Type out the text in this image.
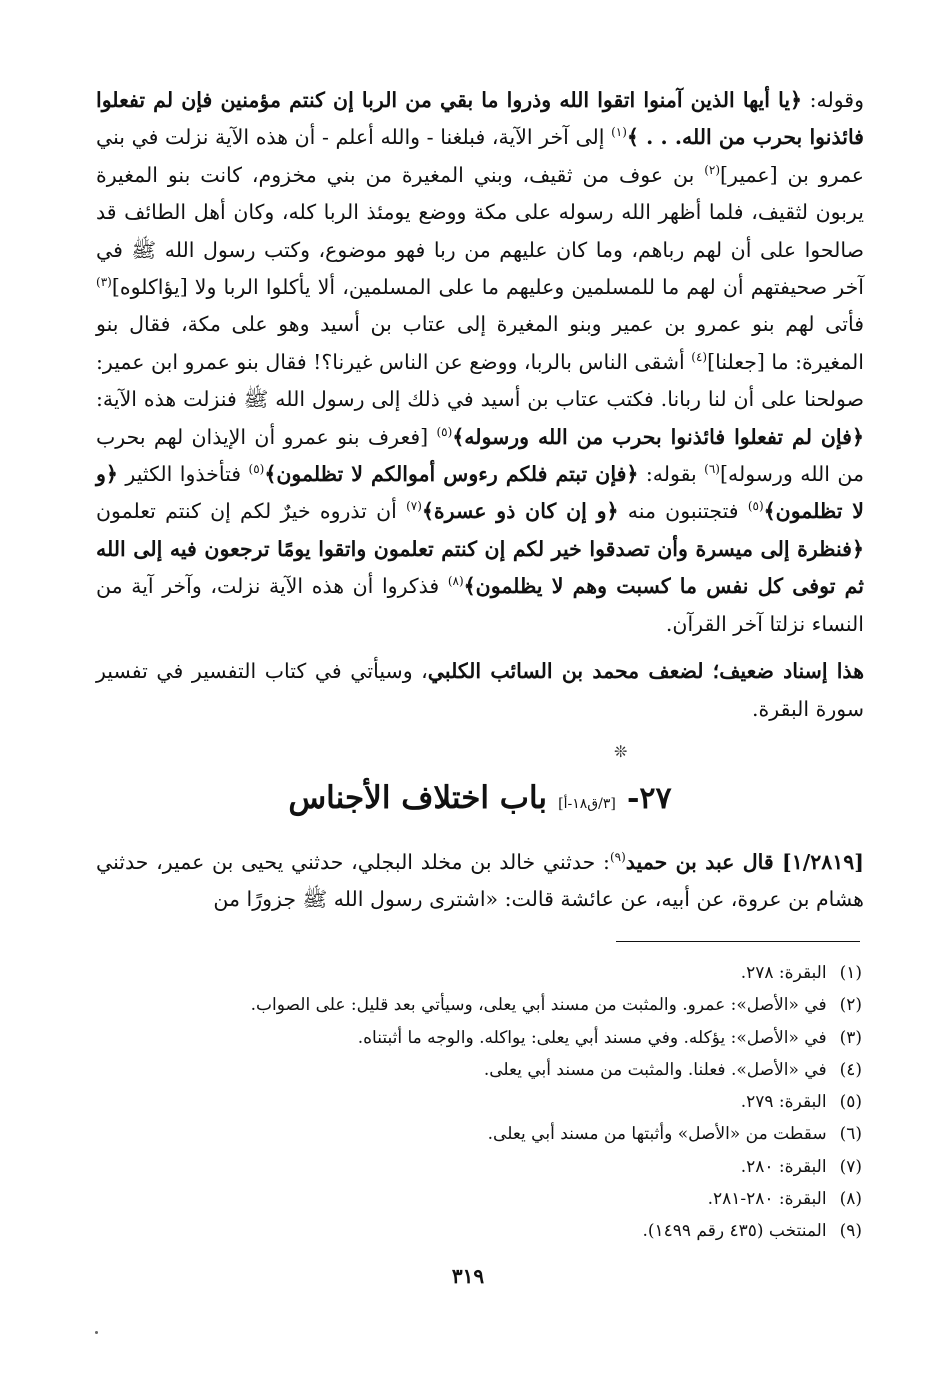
وقوله: ﴿يا أيها الذين آمنوا اتقوا الله وذروا ما بقي من الربا إن كنتم مؤمنين فإن لم تفعلوا فائذنوا بحرب من الله. . . ﴾$^{(١)}$ إلى آخر الآية، فبلغنا - والله أعلم - أن هذه الآية نزلت في بني عمرو بن [عمير]$^{(٢)}$ بن عوف من ثقيف، وبني المغيرة من بني مخزوم، كانت بنو المغيرة يربون لثقيف، فلما أظهر الله رسوله على مكة ووضع يومئذ الربا كله، وكان أهل الطائف قد صالحوا على أن لهم رباهم، وما كان عليهم من ربا فهو موضوع، وكتب رسول الله ﷺ في آخر صحيفتهم أن لهم ما للمسلمين وعليهم ما على المسلمين، ألا يأكلوا الربا ولا [يؤاكلوه]$^{(٣)}$ فأتى لهم بنو عمرو بن عمير وبنو المغيرة إلى عتاب بن أسيد وهو على مكة، فقال بنو المغيرة: ما [جعلنا]$^{(٤)}$ أشقى الناس بالربا، ووضع عن الناس غيرنا؟! فقال بنو عمرو ابن عمير: صولحنا على أن لنا ربانا. فكتب عتاب بن أسيد في ذلك إلى رسول الله ﷺ فنزلت هذه الآية: ﴿فإن لم تفعلوا فائذنوا بحرب من الله ورسوله﴾$^{(٥)}$ [فعرف بنو عمرو أن الإيذان لهم بحرب من الله ورسوله]$^{(٦)}$ بقوله: ﴿فإن تبتم فلكم رءوس أموالكم لا تظلمون﴾$^{(٥)}$ فتأخذوا الكثير ﴿و لا تظلمون﴾$^{(٥)}$ فتجتنبون منه ﴿و إن كان ذو عسرة﴾$^{(٧)}$ أن تذروه خيرٌ لكم إن كنتم تعلمون ﴿فنظرة إلى ميسرة وأن تصدقوا خير لكم إن كنتم تعلمون واتقوا يومًا ترجعون فيه إلى الله ثم توفى كل نفس ما كسبت وهم لا يظلمون﴾$^{(٨)}$ فذكروا أن هذه الآية نزلت، وآخر آية من النساء نزلتا آخر القرآن.

هذا إسناد ضعيف؛ لضعف محمد بن السائب الكلبي، وسيأتي في كتاب التفسير في تفسير سورة البقرة.

❊
٢٧- [٣/ق١٨-أ] باب اختلاف الأجناس

[١/٢٨١٩] قال عبد بن حميد$^{(٩)}$: حدثني خالد بن مخلد البجلي، حدثني يحيى بن عمير، حدثني هشام بن عروة، عن أبيه، عن عائشة قالت: «اشترى رسول الله ﷺ جزورًا من

(١) البقرة: ٢٧٨.
(٢) في «الأصل»: عمرو. والمثبت من مسند أبي يعلى، وسيأتي بعد قليل: على الصواب.
(٣) في «الأصل»: يؤكله. وفي مسند أبي يعلى: يواكله. والوجه ما أثبتناه.
(٤) في «الأصل». فعلنا. والمثبت من مسند أبي يعلى.
(٥) البقرة: ٢٧٩.
(٦) سقطت من «الأصل» وأثبتها من مسند أبي يعلى.
(٧) البقرة: ٢٨٠.
(٨) البقرة: ٢٨٠-٢٨١.
(٩) المنتخب (٤٣٥ رقم ١٤٩٩).
٣١٩
